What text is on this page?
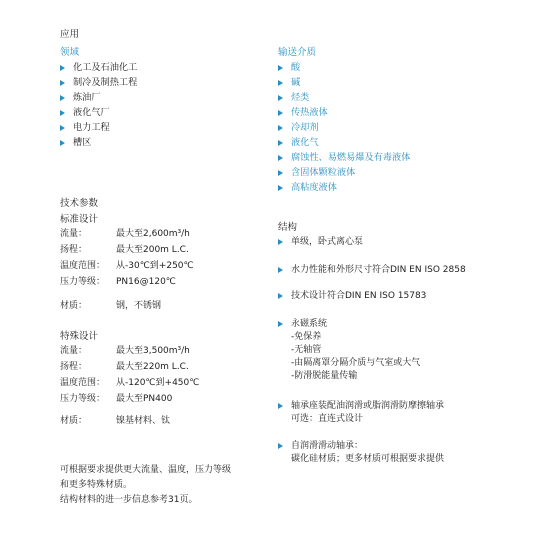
应用
领域
化工及石油化工
制冷及制热工程
炼油厂
液化气厂
电力工程
槽区
输送介质
酸
碱
烃类
传热液体
冷却剂
液化气
腐蚀性、易燃易爆及有毒液体
含固体颗粒液体
高粘度液体
技术参数
标准设计
流量：	最大至2,600m³/h
扬程：	最大至200m L.C.
温度范围： 从-30℃到+250℃
压力等级： PN16@120℃
材质：	钢，不锈钢
特殊设计
流量：	最大至3,500m³/h
扬程：	最大至220m L.C.
温度范围： 从-120℃到+450℃
压力等级： 最大至PN400
材质：	镍基材料、钛
可根据要求提供更大流量、温度，压力等级
和更多特殊材质。
结构材料的进一步信息参考31页。
结构
单级，卧式离心泵
水力性能和外形尺寸符合DIN EN ISO 2858
技术设计符合DIN EN ISO 15783
永磁系统
-免保养
-无轴管
-由隔离罩分隔介质与气室或大气
-防滑脱能量传输
轴承座装配油润滑或脂润滑防摩擦轴承
可选：直连式设计
自润滑滑动轴承：
碳化硅材质；更多材质可根据要求提供
